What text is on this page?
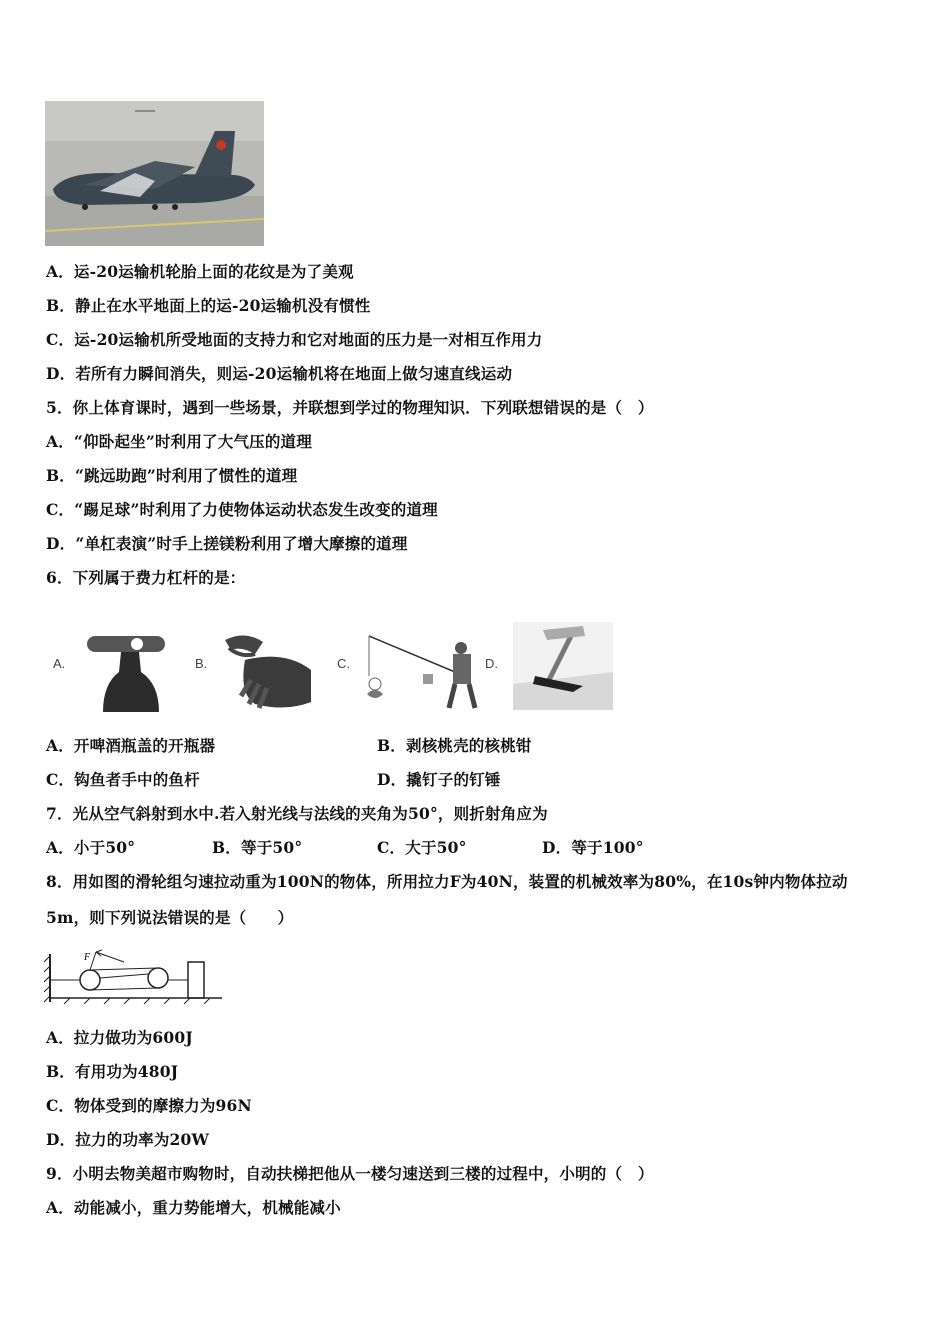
A．运-20运输机轮胎上面的花纹是为了美观
B．静止在水平地面上的运-20运输机没有惯性
C．运-20运输机所受地面的支持力和它对地面的压力是一对相互作用力
D．若所有力瞬间消失，则运-20运输机将在地面上做匀速直线运动
5．你上体育课时，遇到一些场景，并联想到学过的物理知识．下列联想错误的是（　）
A．“仰卧起坐”时利用了大气压的道理
B．“跳远助跑”时利用了惯性的道理
C．“踢足球”时利用了力使物体运动状态发生改变的道理
D．“单杠表演”时手上搓镁粉利用了增大摩擦的道理
6．下列属于费力杠杆的是：
A.	B.	C.	D.
A．开啤酒瓶盖的开瓶器	B．剥核桃壳的核桃钳
C．钩鱼者手中的鱼杆	D．撬钉子的钉锤
7．光从空气斜射到水中.若入射光线与法线的夹角为50°，则折射角应为
A．小于50°	B．等于50°	C．大于50°	D．等于100°
8．用如图的滑轮组匀速拉动重为100N的物体，所用拉力F为40N，装置的机械效率为80%，在10s钟内物体拉动
5m，则下列说法错误的是（　　）
F
A．拉力做功为600J
B．有用功为480J
C．物体受到的摩擦力为96N
D．拉力的功率为20W
9．小明去物美超市购物时，自动扶梯把他从一楼匀速送到三楼的过程中，小明的（　）
A．动能减小，重力势能增大，机械能减小
